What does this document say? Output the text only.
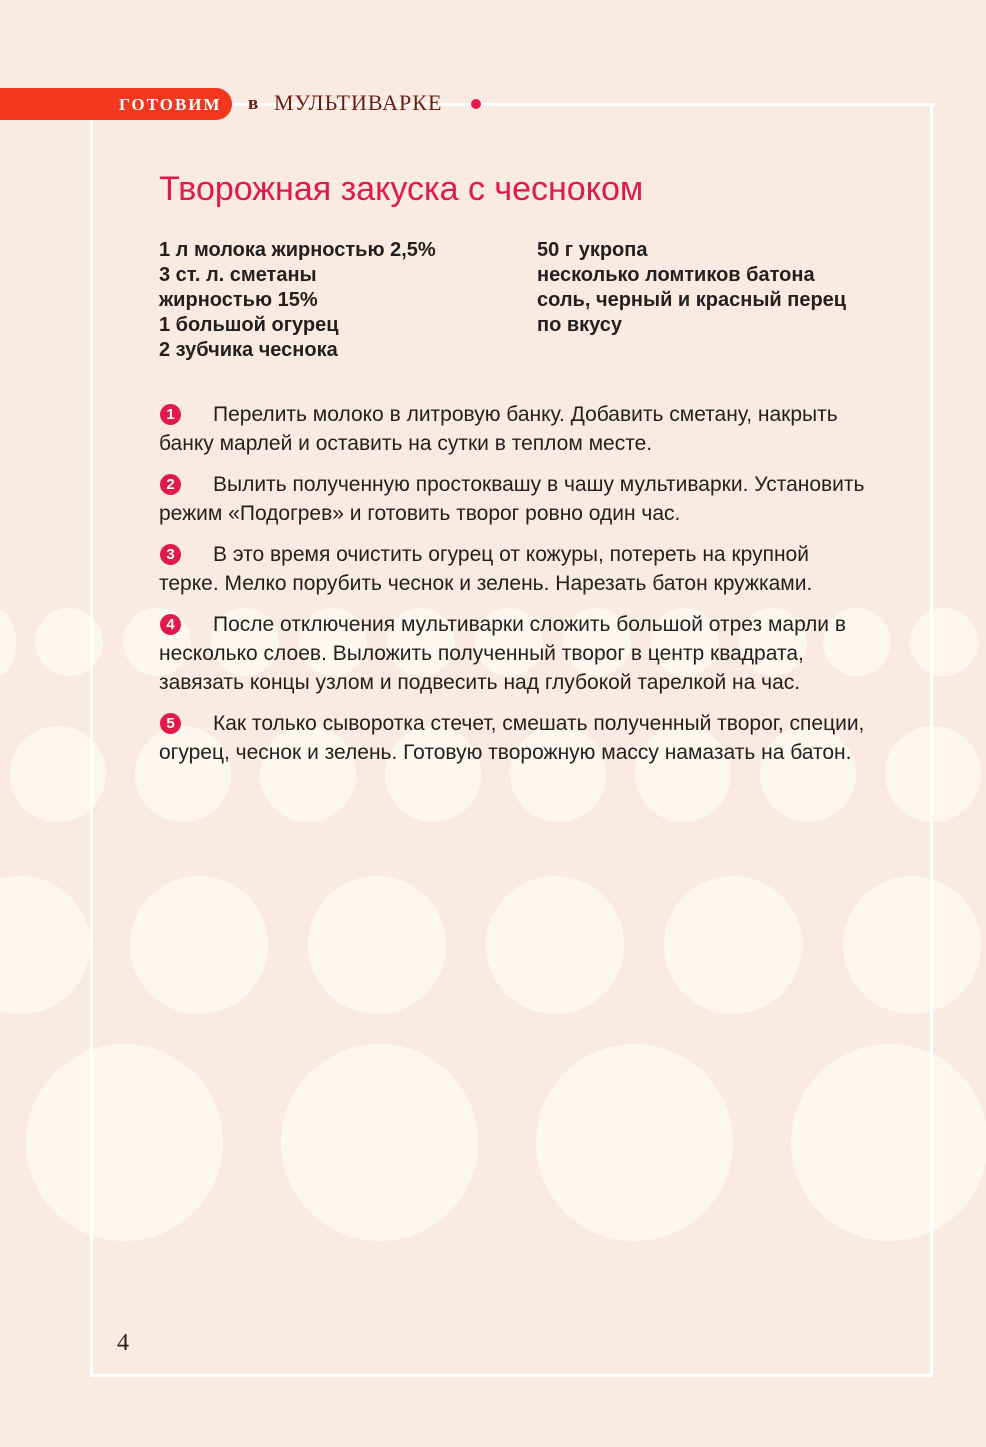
ГОТОВИМ в МУЛЬТИВАРКЕ
Творожная закуска с чесноком
1 л молока жирностью 2,5%
3 ст. л. сметаны
жирностью 15%
1 большой огурец
2 зубчика чеснока
50 г укропа
несколько ломтиков батона
соль, черный и красный перец
по вкусу
1	Перелить молоко в литровую банку. Добавить сметану, накрыть банку марлей и оставить на сутки в теплом месте.
2	Вылить полученную простоквашу в чашу мультиварки. Установить режим «Подогрев» и готовить творог ровно один час.
3	В это время очистить огурец от кожуры, потереть на крупной терке. Мелко порубить чеснок и зелень. Нарезать батон кружками.
4	После отключения мультиварки сложить большой отрез марли в несколько слоев. Выложить полученный творог в центр квадрата, завязать концы узлом и подвесить над глубокой тарелкой на час.
5	Как только сыворотка стечет, смешать полученный творог, специи, огурец, чеснок и зелень. Готовую творожную массу намазать на батон.
4
